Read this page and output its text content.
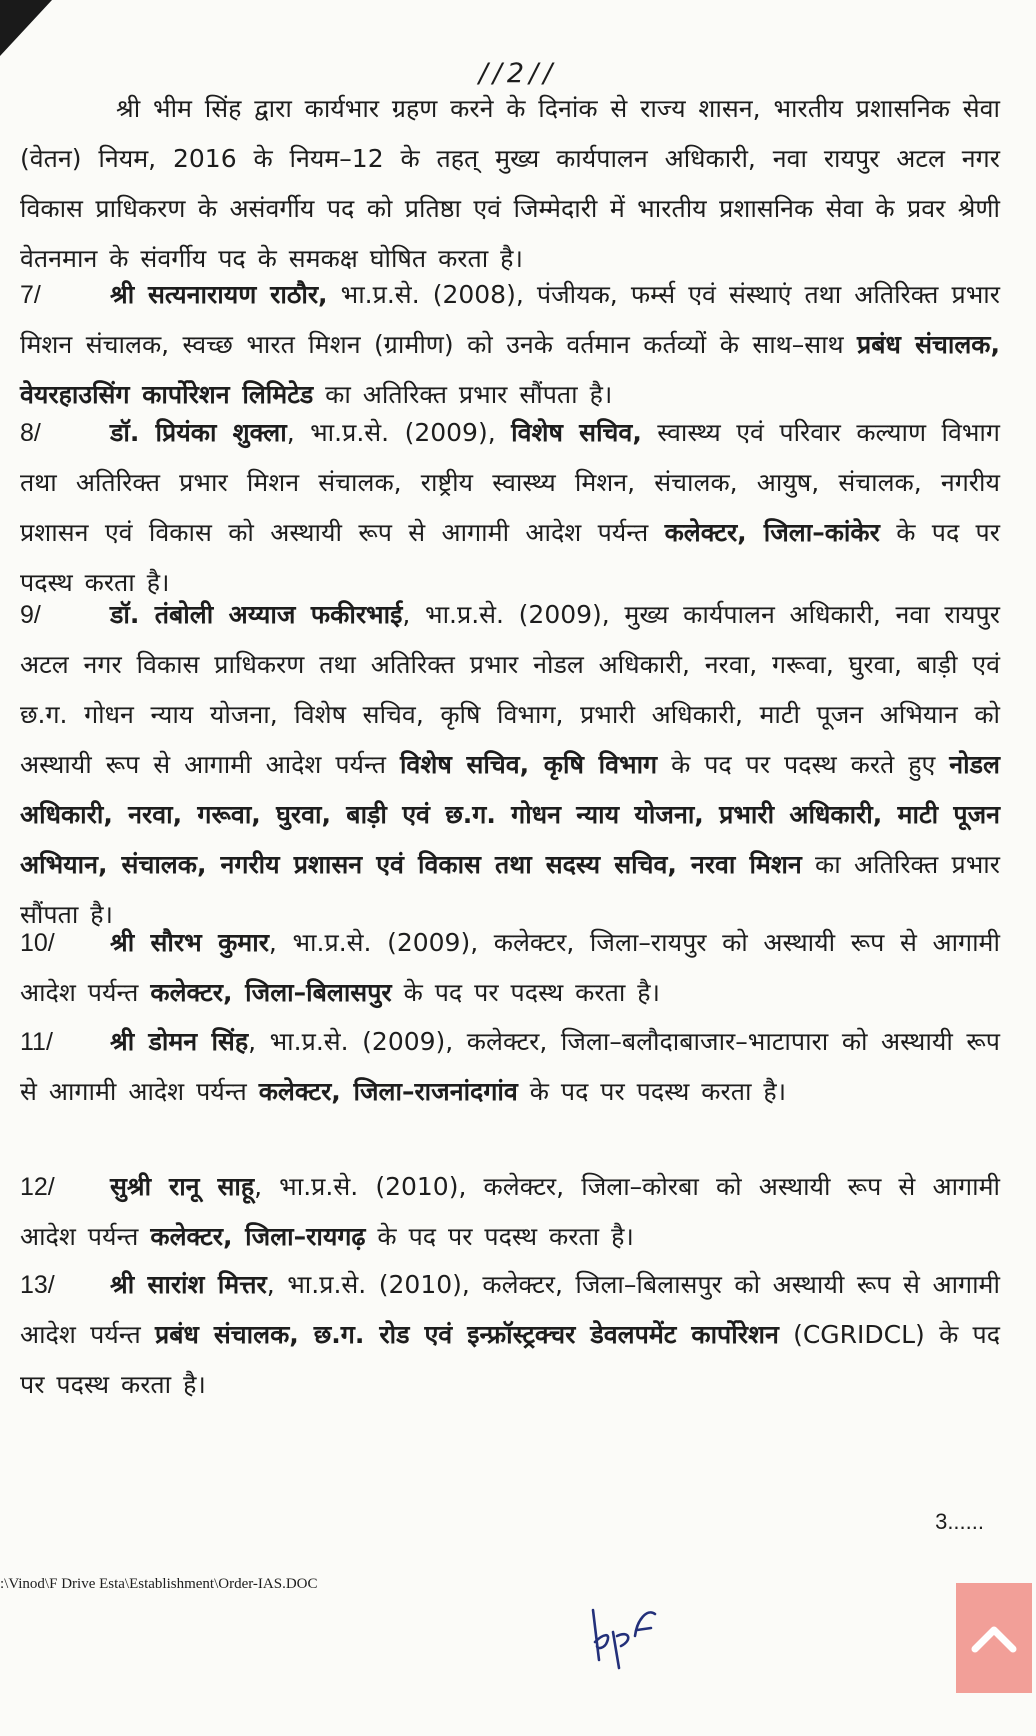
//2//

श्री भीम सिंह द्वारा कार्यभार ग्रहण करने के दिनांक से राज्य शासन, भारतीय प्रशासनिक सेवा (वेतन) नियम, 2016 के नियम–12 के तहत् मुख्य कार्यपालन अधिकारी, नवा रायपुर अटल नगर विकास प्राधिकरण के असंवर्गीय पद को प्रतिष्ठा एवं जिम्मेदारी में भारतीय प्रशासनिक सेवा के प्रवर श्रेणी वेतनमान के संवर्गीय पद के समकक्ष घोषित करता है।

7/	श्री सत्यनारायण राठौर, भा.प्र.से. (2008), पंजीयक, फर्म्स एवं संस्थाएं तथा अतिरिक्त प्रभार मिशन संचालक, स्वच्छ भारत मिशन (ग्रामीण) को उनके वर्तमान कर्तव्यों के साथ–साथ प्रबंध संचालक, वेयरहाउसिंग कार्पोरेशन लिमिटेड का अतिरिक्त प्रभार सौंपता है।

8/	डॉ. प्रियंका शुक्ला, भा.प्र.से. (2009), विशेष सचिव, स्वास्थ्य एवं परिवार कल्याण विभाग तथा अतिरिक्त प्रभार मिशन संचालक, राष्ट्रीय स्वास्थ्य मिशन, संचालक, आयुष, संचालक, नगरीय प्रशासन एवं विकास को अस्थायी रूप से आगामी आदेश पर्यन्त कलेक्टर, जिला–कांकेर के पद पर पदस्थ करता है।

9/	डॉ. तंबोली अय्याज फकीरभाई, भा.प्र.से. (2009), मुख्य कार्यपालन अधिकारी, नवा रायपुर अटल नगर विकास प्राधिकरण तथा अतिरिक्त प्रभार नोडल अधिकारी, नरवा, गरूवा, घुरवा, बाड़ी एवं छ.ग. गोधन न्याय योजना, विशेष सचिव, कृषि विभाग, प्रभारी अधिकारी, माटी पूजन अभियान को अस्थायी रूप से आगामी आदेश पर्यन्त विशेष सचिव, कृषि विभाग के पद पर पदस्थ करते हुए नोडल अधिकारी, नरवा, गरूवा, घुरवा, बाड़ी एवं छ.ग. गोधन न्याय योजना, प्रभारी अधिकारी, माटी पूजन अभियान, संचालक, नगरीय प्रशासन एवं विकास तथा सदस्य सचिव, नरवा मिशन का अतिरिक्त प्रभार सौंपता है।

10/ श्री सौरभ कुमार, भा.प्र.से. (2009), कलेक्टर, जिला–रायपुर को अस्थायी रूप से आगामी आदेश पर्यन्त कलेक्टर, जिला–बिलासपुर के पद पर पदस्थ करता है।

11/ श्री डोमन सिंह, भा.प्र.से. (2009), कलेक्टर, जिला–बलौदाबाजार–भाटापारा को अस्थायी रूप से आगामी आदेश पर्यन्त कलेक्टर, जिला–राजनांदगांव के पद पर पदस्थ करता है।

12/ सुश्री रानू साहू, भा.प्र.से. (2010), कलेक्टर, जिला–कोरबा को अस्थायी रूप से आगामी आदेश पर्यन्त कलेक्टर, जिला–रायगढ़ के पद पर पदस्थ करता है।

13/ श्री सारांश मित्तर, भा.प्र.से. (2010), कलेक्टर, जिला–बिलासपुर को अस्थायी रूप से आगामी आदेश पर्यन्त प्रबंध संचालक, छ.ग. रोड एवं इन्फ्रॉस्ट्रक्चर डेवलपमेंट कार्पोरेशन (CGRIDCL) के पद पर पदस्थ करता है।

3......
:\Vinod\F Drive Esta\Establishment\Order-IAS.DOC
